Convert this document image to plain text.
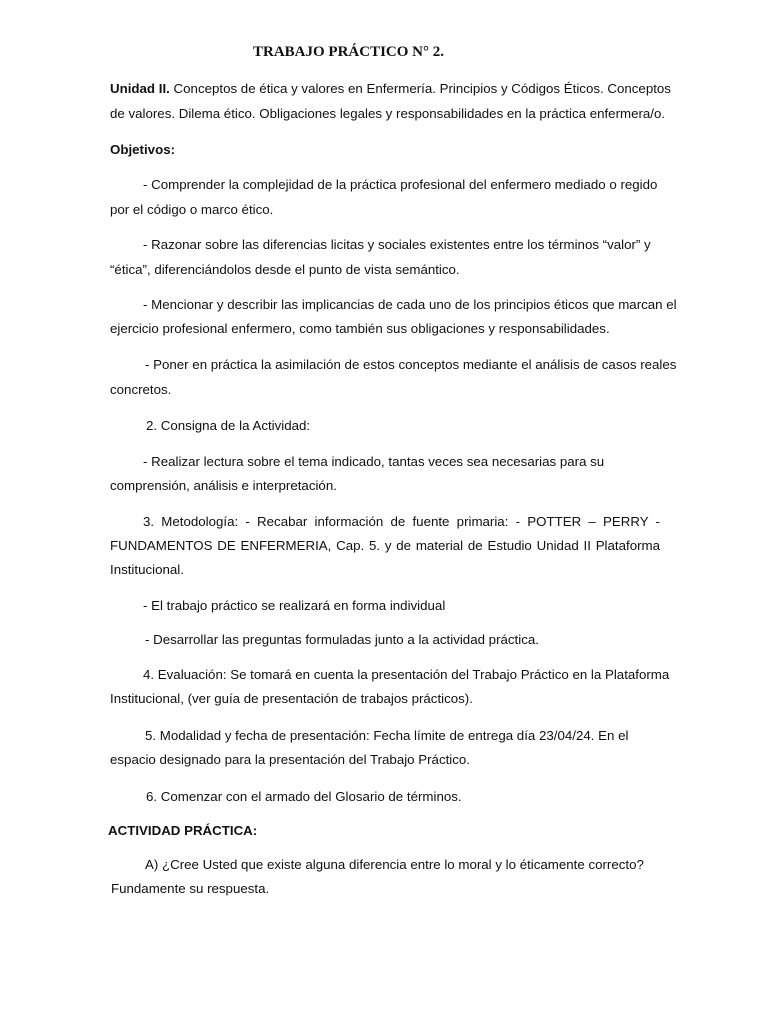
TRABAJO PRÁCTICO N° 2.
Unidad II. Conceptos de ética y valores en Enfermería. Principios y Códigos Éticos. Conceptos
de valores. Dilema ético. Obligaciones legales y responsabilidades en la práctica enfermera/o.
Objetivos:
- Comprender la complejidad de la práctica profesional del enfermero mediado o regido
por el código o marco ético.
- Razonar sobre las diferencias licitas y sociales existentes entre los términos “valor” y
“ética”, diferenciándolos desde el punto de vista semántico.
- Mencionar y describir las implicancias de cada uno de los principios éticos que marcan el
ejercicio profesional enfermero, como también sus obligaciones y responsabilidades.
- Poner en práctica la asimilación de estos conceptos mediante el análisis de casos reales
concretos.
2. Consigna de la Actividad:
- Realizar lectura sobre el tema indicado, tantas veces sea necesarias para su
comprensión, análisis e interpretación.
3. Metodología: - Recabar información de fuente primaria: - POTTER – PERRY -
FUNDAMENTOS DE ENFERMERIA, Cap. 5. y de material de Estudio Unidad II Plataforma
Institucional.
- El trabajo práctico se realizará en forma individual
- Desarrollar las preguntas formuladas junto a la actividad práctica.
4. Evaluación: Se tomará en cuenta la presentación del Trabajo Práctico en la Plataforma
Institucional, (ver guía de presentación de trabajos prácticos).
5. Modalidad y fecha de presentación: Fecha límite de entrega día 23/04/24. En el
espacio designado para la presentación del Trabajo Práctico.
6. Comenzar con el armado del Glosario de términos.
ACTIVIDAD PRÁCTICA:
A) ¿Cree Usted que existe alguna diferencia entre lo moral y lo éticamente correcto?
Fundamente su respuesta.
